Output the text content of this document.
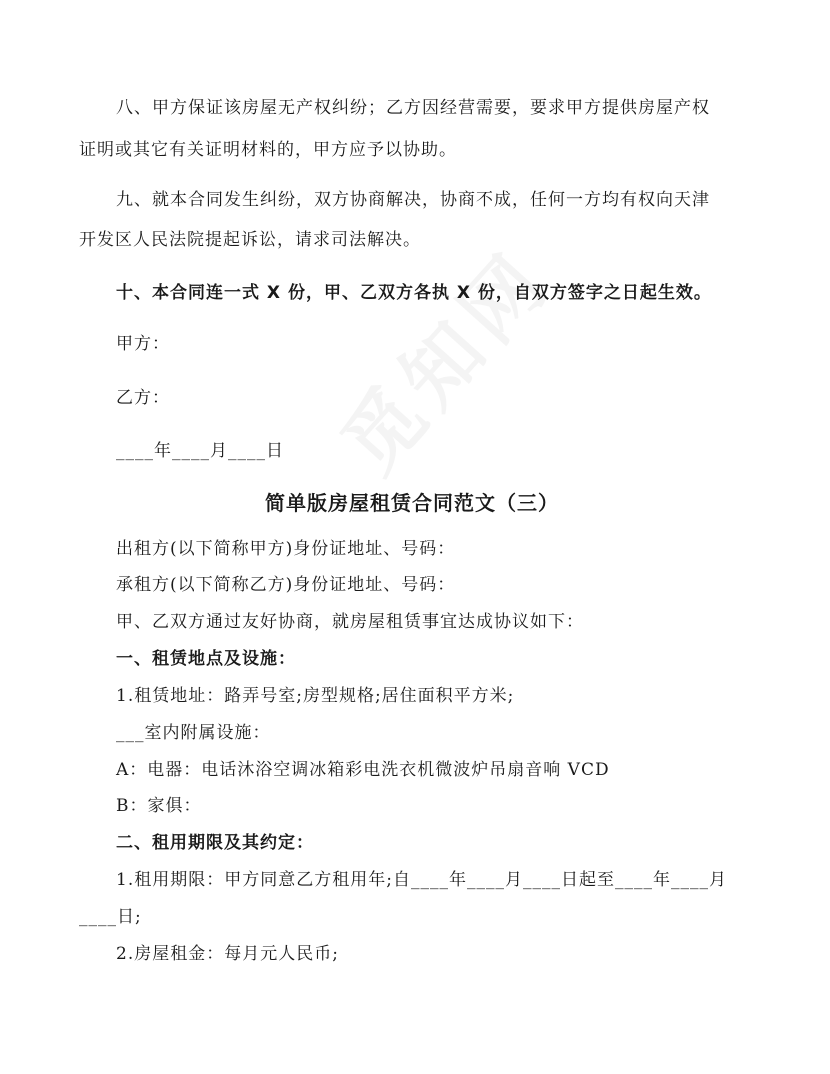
八、甲方保证该房屋无产权纠纷；乙方因经营需要，要求甲方提供房屋产权
证明或其它有关证明材料的，甲方应予以协助。
九、就本合同发生纠纷，双方协商解决，协商不成，任何一方均有权向天津
开发区人民法院提起诉讼，请求司法解决。
十、本合同连一式 X 份，甲、乙双方各执 X 份，自双方签字之日起生效。
甲方：
乙方：
____年____月____日
简单版房屋租赁合同范文（三）
出租方(以下简称甲方)身份证地址、号码：
承租方(以下简称乙方)身份证地址、号码：
甲、乙双方通过友好协商，就房屋租赁事宜达成协议如下：
一、租赁地点及设施：
1.租赁地址：路弄号室;房型规格;居住面积平方米;
___室内附属设施：
A：电器：电话沐浴空调冰箱彩电洗衣机微波炉吊扇音响 VCD
B：家俱：
二、租用期限及其约定：
1.租用期限：甲方同意乙方租用年;自____年____月____日起至____年____月
____日;
2.房屋租金：每月元人民币;
